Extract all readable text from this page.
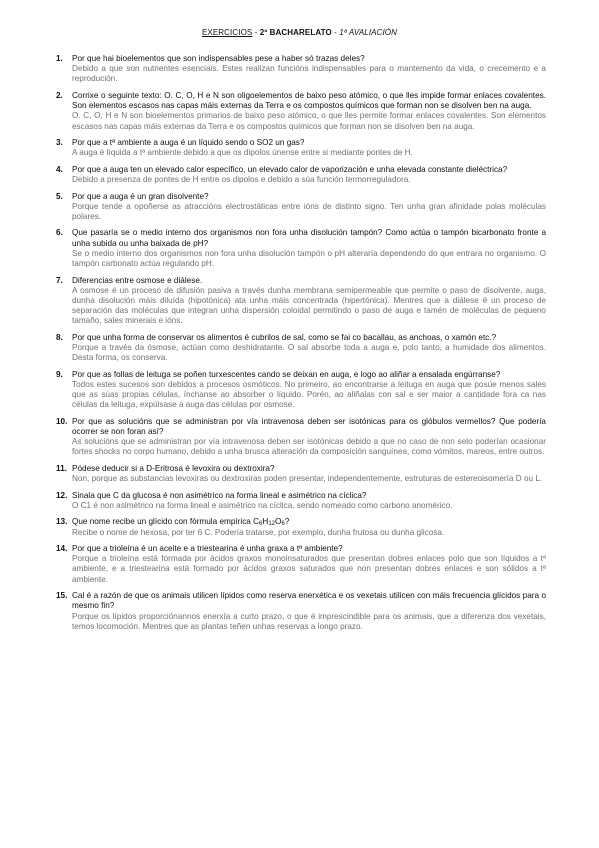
EXERCICIOS - 2º BACHARELATO - 1ª AVALIACIÓN
1. Por que hai bioelementos que son indispensables pese a haber só trazas deles?
Debido a que son nutrientes esenciais. Estes realizan funcións indispensables para o mantemento da vida, o crecemento e a reprodución.
2. Corrixe o seguinte texto: O. C, O, H e N son oligoelementos de baixo peso atómico, o que lles impide formar enlaces covalentes. Son elementos escasos nas capas máis externas da Terra e os compostos químicos que forman non se disolven ben na auga.
O. C, O, H e N son bioelementos primarios de baixo peso atómico, o que lles permite formar enlaces covalentes. Son elementos escasos nas capas máis externas da Terra e os compostos químicos que forman non se disolven ben na auga.
3. Por que a tª ambiente a auga é un líquido sendo o SO2 un gas?
A auga é líquida a tª ambiente debido a que os dipolos únense entre si mediante pontes de H.
4. Por que a auga ten un elevado calor específico, un elevado calor de vaporización e unha elevada constante dieléctrica?
Debido a presenza de pontes de H entre os dipolos e debido a súa función termorreguladora.
5. Por que a auga é un gran disolvente?
Porque tende a opoñerse as atraccións electrostáticas entre ións de distinto signo. Ten unha gran afinidade polas moléculas polares.
6. Que pasaría se o medio interno dos organismos non fora unha disolución tampón? Como actúa o tampón bicarbonato fronte a unha subida ou unha baixada de pH?
Se o medio interno dos organismos non fora unha disolución tampón o pH alteraría dependendo do que entrara no organismo. O tampón carbonato actúa regulando pH.
7. Diferencias entre osmose e diálese.
A osmose é un proceso de difusión pasiva a través dunha membrana semipermeable que permite o paso de disolvente, auga, dunha disolución máis diluída (hipotónica) ata unha máis concentrada (hipertónica). Mentres que a diálese é un proceso de separación das moléculas que integran unha dispersión coloidal permitindo o paso de auga e tamén de moléculas de pequeno tamaño, sales minerais e ións.
8. Por que unha forma de conservar os alimentos é cubrilos de sal, como se fai co bacallau, as anchoas, o xamón etc.?
Porque a través da ósmose, actúan como deshidratante. O sal absorbe toda a auga e, polo tanto, a humidade dos alimentos. Desta forma, os conserva.
9. Por que as follas de leituga se poñen turxescentes cando se deixan en auga, e logo ao aliñar a ensalada engúrranse?
Todos estes sucesos son debidos a procesos osmóticos. No primeiro, ao encontrarse a leituga en auga que posúe menos sales que as súas propias células, ínchanse ao absorber o líquido. Porén, ao aliñalas con sal e ser maior a cantidade fora ca nas células da leituga, expúlsase a auga das células por osmose.
10. Por que as solucións que se administran por vía intravenosa deben ser isotónicas para os glóbulos vermellos? Que podería ocorrer se non foran así?
As solucións que se administran por vía intravenosa deben ser isotónicas debido a que no caso de non selo poderían ocasionar fortes shocks no corpo humano, debido a unha brusca alteración da composición sanguínea, como vómitos, mareos, entre outros.
11. Pódese deducir si a D-Eritrosa é levoxira ou dextroxira?
Non, porque as substancias levoxiras ou dextroxiras poden presentar, independentemente, estruturas de estereoisomería D ou L.
12. Sinala que C da glucosa é non asimétrico na forma lineal e asimétrico na cíclica?
O C1 é non asimétrico na forma lineal e asimétrico na cíclica, sendo nomeado como carbono anomérico.
13. Que nome recibe un glícido con fórmula empírica $C_6H_{12}O_6$?
Recibe o nome de hexosa, por ter 6 C. Podería tratarse, por exemplo, dunha frutosa ou dunha glicosa.
14. Por que a trioleína é un aceite e a triestearina é unha graxa a tª ambiente?
Porque a trioleína está formada por ácidos graxos monoinsaturados que presentan dobres enlaces polo que son líquidos a tª ambiente, e a triestearina está formado por ácidos graxos saturados que non presentan dobres enlaces e son sólidos a tª ambiente.
15. Cal é a razón de que os animais utilicen lípidos como reserva enerxética e os vexetais utilicen con máis frecuencia glícidos para o mesmo fin?
Porque os lípidos proporciónannos enerxía a curto prazo, o que é imprescindible para os animais, que a diferenza dos vexetais, temos locomoción. Mentres que as plantas teñen unhas reservas a longo prazo.
